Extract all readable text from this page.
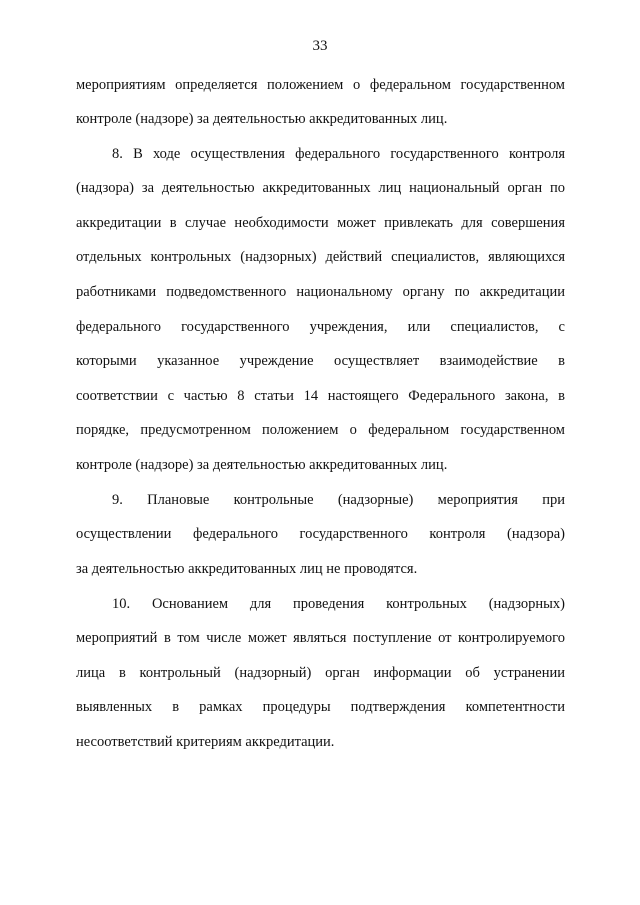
33
мероприятиям определяется положением о федеральном государственном
контроле (надзоре) за деятельностью аккредитованных лиц.
8. В ходе осуществления федерального государственного контроля
(надзора) за деятельностью аккредитованных лиц национальный орган по
аккредитации в случае необходимости может привлекать для совершения
отдельных контрольных (надзорных) действий специалистов, являющихся
работниками подведомственного национальному органу по аккредитации
федерального государственного учреждения, или специалистов, с
которыми указанное учреждение осуществляет взаимодействие в
соответствии с частью 8 статьи 14 настоящего Федерального закона, в
порядке, предусмотренном положением о федеральном государственном
контроле (надзоре) за деятельностью аккредитованных лиц.
9. Плановые контрольные (надзорные) мероприятия при
осуществлении федерального государственного контроля (надзора)
за деятельностью аккредитованных лиц не проводятся.
10. Основанием для проведения контрольных (надзорных)
мероприятий в том числе может являться поступление от контролируемого
лица в контрольный (надзорный) орган информации об устранении
выявленных в рамках процедуры подтверждения компетентности
несоответствий критериям аккредитации.
